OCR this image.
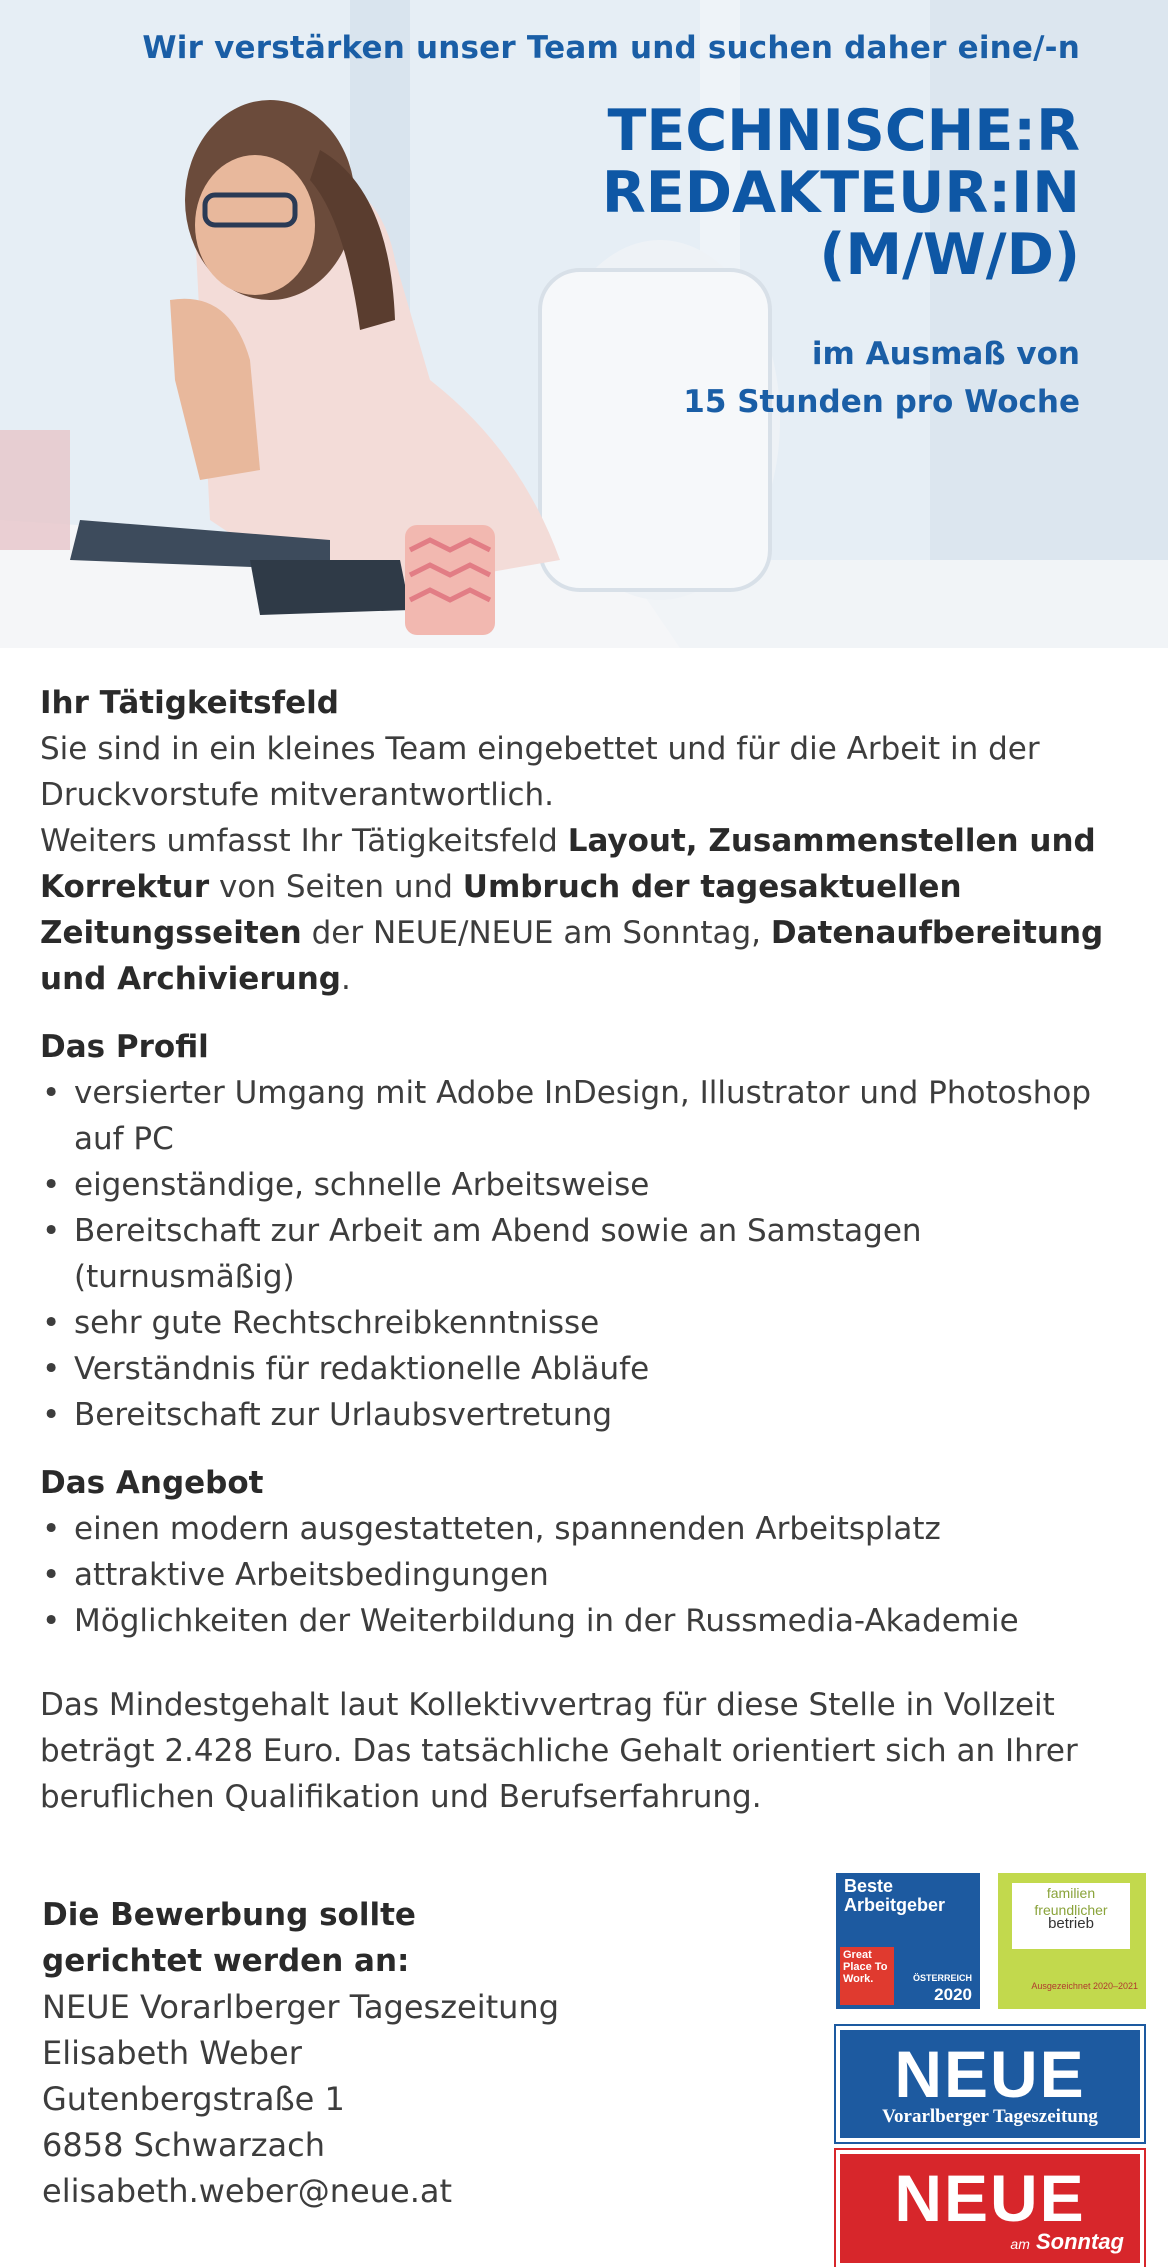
Wir verstärken unser Team und suchen daher eine/-n
TECHNISCHE:R
REDAKTEUR:IN
(M/W/D)
im Ausmaß von
15 Stunden pro Woche

Ihr Tätigkeitsfeld

Sie sind in ein kleines Team eingebettet und für die Arbeit in der Druckvorstufe mitverantwortlich.

Weiters umfasst Ihr Tätigkeitsfeld Layout, Zusammenstellen und Korrektur von Seiten und Umbruch der tagesaktuellen Zeitungsseiten der NEUE/NEUE am Sonntag, Datenaufbereitung und Archivierung.

Das Profil

• versierter Umgang mit Adobe InDesign, Illustrator und Photoshop auf PC
• eigenständige, schnelle Arbeitsweise
• Bereitschaft zur Arbeit am Abend sowie an Samstagen (turnusmäßig)
• sehr gute Rechtschreibkenntnisse
• Verständnis für redaktionelle Abläufe
• Bereitschaft zur Urlaubsvertretung

Das Angebot

• einen modern ausgestatteten, spannenden Arbeitsplatz
• attraktive Arbeitsbedingungen
• Möglichkeiten der Weiterbildung in der Russmedia-Akademie

Das Mindestgehalt laut Kollektivvertrag für diese Stelle in Vollzeit beträgt 2.428 Euro. Das tatsächliche Gehalt orientiert sich an Ihrer beruflichen Qualifikation und Berufserfahrung.

Die Bewerbung sollte
gerichtet werden an:
NEUE Vorarlberger Tageszeitung
Elisabeth Weber
Gutenbergstraße 1
6858 Schwarzach
elisabeth.weber@neue.at
Beste
Arbeitgeber
Great Place To Work.	ÖSTERREICH
2020
familien
freundlicher
betrieb
Ausgezeichnet 2020–2021
NEUE
Vorarlberger Tageszeitung
NEUE
am Sonntag
